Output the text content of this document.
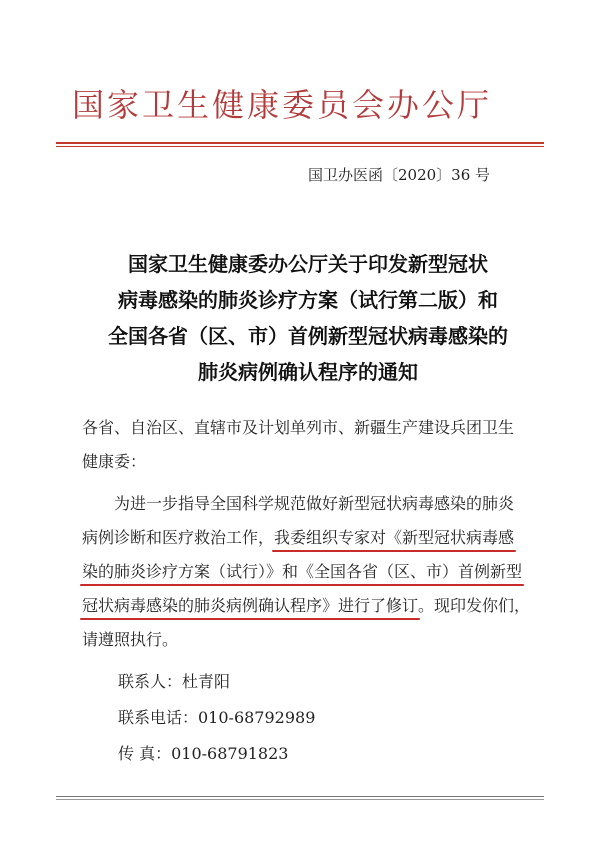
国家卫生健康委员会办公厅
国卫办医函〔2020〕36 号
国家卫生健康委办公厅关于印发新型冠状
病毒感染的肺炎诊疗方案（试行第二版）和
全国各省（区、市）首例新型冠状病毒感染的
肺炎病例确认程序的通知
各省、自治区、直辖市及计划单列市、新疆生产建设兵团卫生
健康委：
为进一步指导全国科学规范做好新型冠状病毒感染的肺炎
病例诊断和医疗救治工作，我委组织专家对《新型冠状病毒感
染的肺炎诊疗方案（试行）》和《全国各省（区、市）首例新型
冠状病毒感染的肺炎病例确认程序》进行了修订。现印发你们，
请遵照执行。
联系人：杜青阳
联系电话：010-68792989
传 真：010-68791823
